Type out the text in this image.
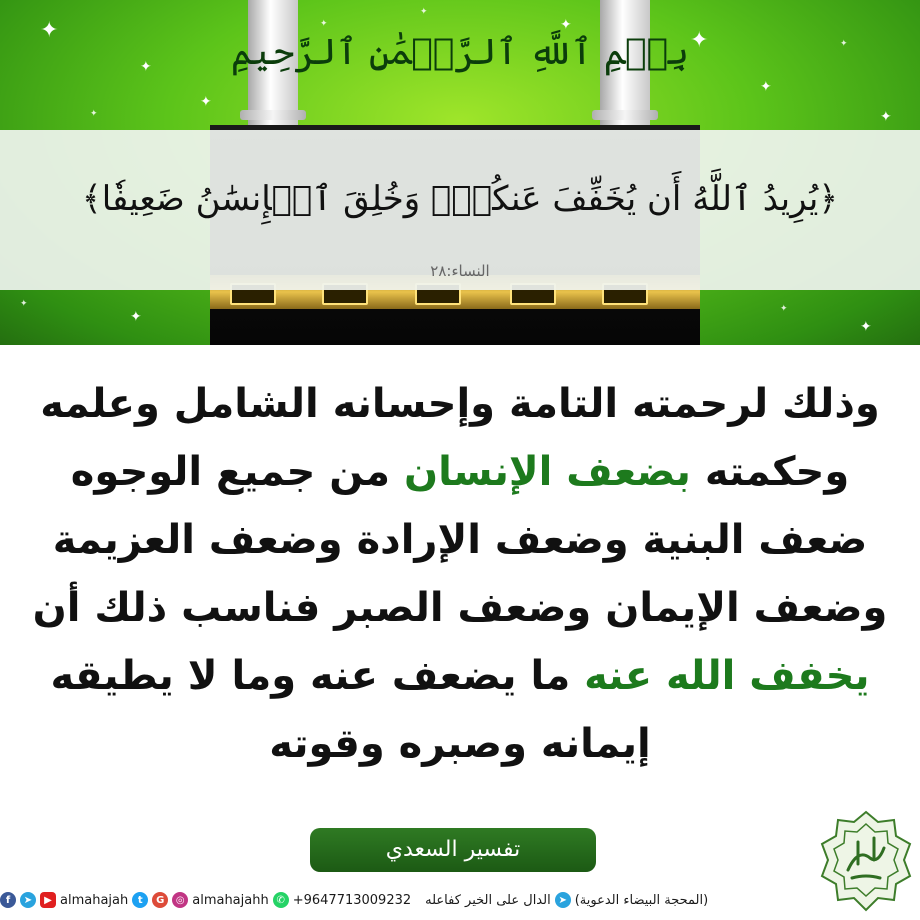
✦
✦
✦
✦
✦
✦
✦
✦
✦
✦
✦
✦
✦	✦
✦
بِسۡمِ ٱللَّهِ ٱلرَّحۡمَٰنِ ٱلرَّحِيمِ
﴿يُرِيدُ ٱللَّهُ أَن يُخَفِّفَ عَنكُمۡۚ وَخُلِقَ ٱلۡإِنسَٰنُ ضَعِيفٗا﴾
النساء:٢٨
وذلك لرحمته التامة وإحسانه الشامل وعلمه
وحكمته بضعف الإنسان من جميع الوجوه
ضعف البنية وضعف الإرادة وضعف العزيمة
وضعف الإيمان وضعف الصبر فناسب ذلك أن
يخفف الله عنه ما يضعف عنه وما لا يطيقه
إيمانه وصبره وقوته
تفسير السعدي
f	➤	▶ almahajah t	G	◎ almahajahh ✆ +9647713009232 الدال على الخير كفاعله ➤ (المحجة البيضاء الدعوية)
